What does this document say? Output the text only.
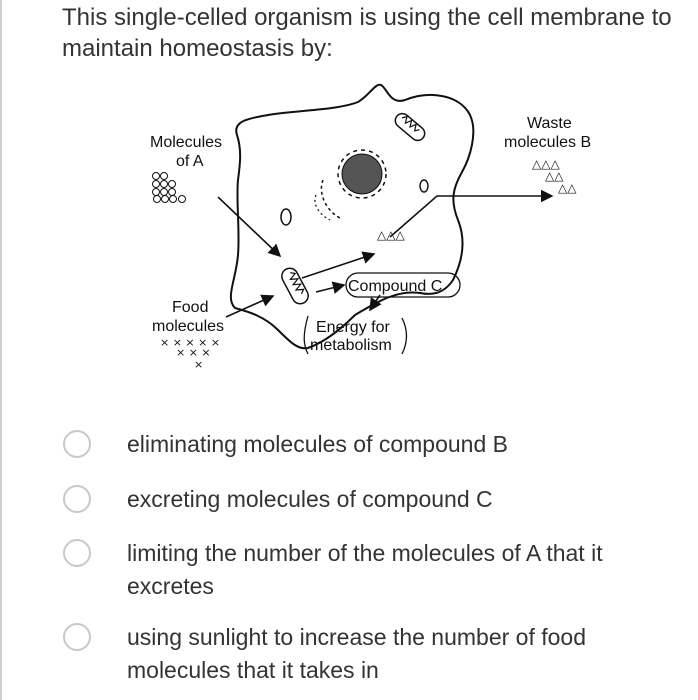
This single-celled organism is using the cell membrane to maintain homeostasis by:
△△△
Molecules
of A
Waste
molecules B
△△△
△△
△△
Food
molecules
× × × × ×
× × ×
×
Compound C
Energy for
metabolism
eliminating molecules of compound B
excreting molecules of compound C
limiting the number of the molecules of A that it
excretes
using sunlight to increase the number of food
molecules that it takes in
